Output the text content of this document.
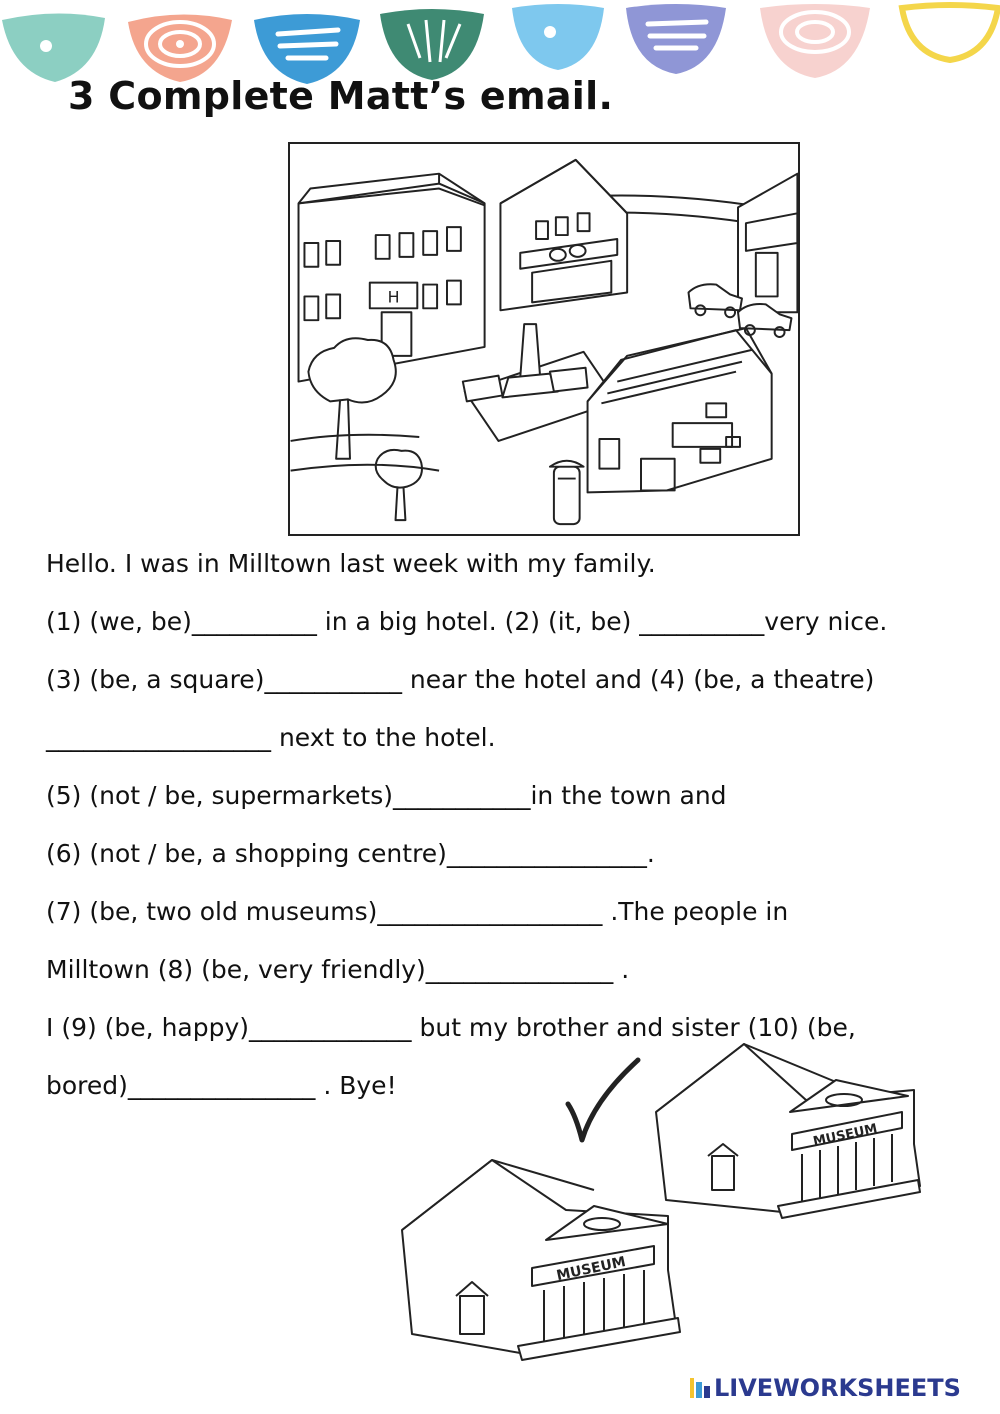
3 Complete Matt’s email.
H
Hello. I was in Milltown last week with my family.
(1) (we, be)__________ in a big hotel. (2) (it, be) __________very nice.
(3) (be, a square)___________ near the hotel and (4) (be, a theatre)
__________________ next to the hotel.
(5) (not / be, supermarkets)___________in the town and
(6) (not / be, a shopping centre)________________.
(7) (be, two old museums)__________________ .The people in
Milltown (8) (be, very friendly)_______________ .
I (9) (be, happy)_____________ but my brother and sister (10) (be,
bored)_______________ . Bye!
MUSEUM
MUSEUM
LIVEWORKSHEETS
